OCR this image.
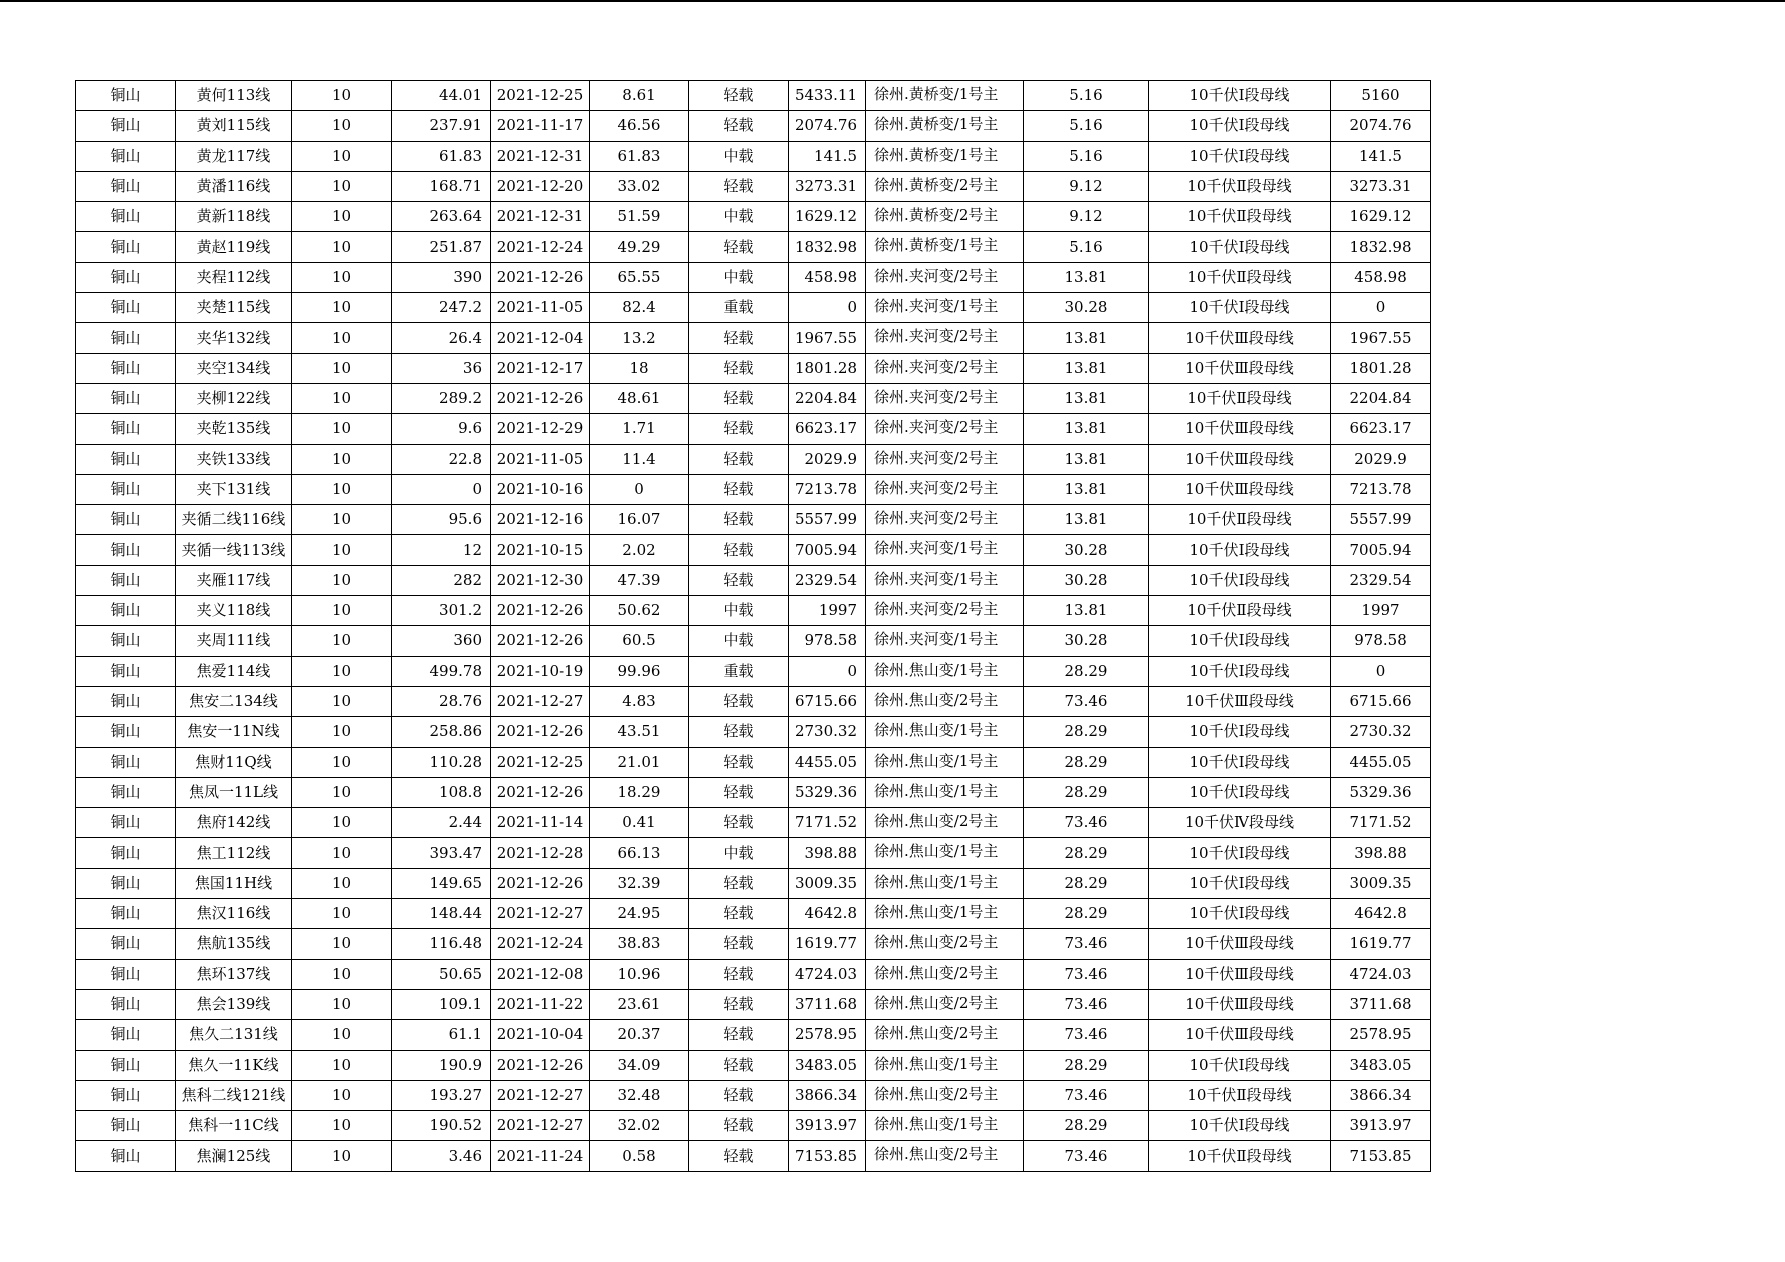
铜山	黄何113线	10	44.01	2021-12-25	8.61	轻载	5433.11	徐州.黄桥变/1号主	5.16	10千伏Ⅰ段母线	5160
铜山	黄刘115线	10	237.91	2021-11-17	46.56	轻载	2074.76	徐州.黄桥变/1号主	5.16	10千伏Ⅰ段母线	2074.76
铜山	黄龙117线	10	61.83	2021-12-31	61.83	中载	141.5	徐州.黄桥变/1号主	5.16	10千伏Ⅰ段母线	141.5
铜山	黄潘116线	10	168.71	2021-12-20	33.02	轻载	3273.31	徐州.黄桥变/2号主	9.12	10千伏Ⅱ段母线	3273.31
铜山	黄新118线	10	263.64	2021-12-31	51.59	中载	1629.12	徐州.黄桥变/2号主	9.12	10千伏Ⅱ段母线	1629.12
铜山	黄赵119线	10	251.87	2021-12-24	49.29	轻载	1832.98	徐州.黄桥变/1号主	5.16	10千伏Ⅰ段母线	1832.98
铜山	夹程112线	10	390	2021-12-26	65.55	中载	458.98	徐州.夹河变/2号主	13.81	10千伏Ⅱ段母线	458.98
铜山	夹楚115线	10	247.2	2021-11-05	82.4	重载	0	徐州.夹河变/1号主	30.28	10千伏Ⅰ段母线	0
铜山	夹华132线	10	26.4	2021-12-04	13.2	轻载	1967.55	徐州.夹河变/2号主	13.81	10千伏Ⅲ段母线	1967.55
铜山	夹空134线	10	36	2021-12-17	18	轻载	1801.28	徐州.夹河变/2号主	13.81	10千伏Ⅲ段母线	1801.28
铜山	夹柳122线	10	289.2	2021-12-26	48.61	轻载	2204.84	徐州.夹河变/2号主	13.81	10千伏Ⅱ段母线	2204.84
铜山	夹乾135线	10	9.6	2021-12-29	1.71	轻载	6623.17	徐州.夹河变/2号主	13.81	10千伏Ⅲ段母线	6623.17
铜山	夹铁133线	10	22.8	2021-11-05	11.4	轻载	2029.9	徐州.夹河变/2号主	13.81	10千伏Ⅲ段母线	2029.9
铜山	夹下131线	10	0	2021-10-16	0	轻载	7213.78	徐州.夹河变/2号主	13.81	10千伏Ⅲ段母线	7213.78
铜山	夹循二线116线	10	95.6	2021-12-16	16.07	轻载	5557.99	徐州.夹河变/2号主	13.81	10千伏Ⅱ段母线	5557.99
铜山	夹循一线113线	10	12	2021-10-15	2.02	轻载	7005.94	徐州.夹河变/1号主	30.28	10千伏Ⅰ段母线	7005.94
铜山	夹雁117线	10	282	2021-12-30	47.39	轻载	2329.54	徐州.夹河变/1号主	30.28	10千伏Ⅰ段母线	2329.54
铜山	夹义118线	10	301.2	2021-12-26	50.62	中载	1997	徐州.夹河变/2号主	13.81	10千伏Ⅱ段母线	1997
铜山	夹周111线	10	360	2021-12-26	60.5	中载	978.58	徐州.夹河变/1号主	30.28	10千伏Ⅰ段母线	978.58
铜山	焦爱114线	10	499.78	2021-10-19	99.96	重载	0	徐州.焦山变/1号主	28.29	10千伏Ⅰ段母线	0
铜山	焦安二134线	10	28.76	2021-12-27	4.83	轻载	6715.66	徐州.焦山变/2号主	73.46	10千伏Ⅲ段母线	6715.66
铜山	焦安一11N线	10	258.86	2021-12-26	43.51	轻载	2730.32	徐州.焦山变/1号主	28.29	10千伏Ⅰ段母线	2730.32
铜山	焦财11Q线	10	110.28	2021-12-25	21.01	轻载	4455.05	徐州.焦山变/1号主	28.29	10千伏Ⅰ段母线	4455.05
铜山	焦凤一11L线	10	108.8	2021-12-26	18.29	轻载	5329.36	徐州.焦山变/1号主	28.29	10千伏Ⅰ段母线	5329.36
铜山	焦府142线	10	2.44	2021-11-14	0.41	轻载	7171.52	徐州.焦山变/2号主	73.46	10千伏Ⅳ段母线	7171.52
铜山	焦工112线	10	393.47	2021-12-28	66.13	中载	398.88	徐州.焦山变/1号主	28.29	10千伏Ⅰ段母线	398.88
铜山	焦国11H线	10	149.65	2021-12-26	32.39	轻载	3009.35	徐州.焦山变/1号主	28.29	10千伏Ⅰ段母线	3009.35
铜山	焦汉116线	10	148.44	2021-12-27	24.95	轻载	4642.8	徐州.焦山变/1号主	28.29	10千伏Ⅰ段母线	4642.8
铜山	焦航135线	10	116.48	2021-12-24	38.83	轻载	1619.77	徐州.焦山变/2号主	73.46	10千伏Ⅲ段母线	1619.77
铜山	焦环137线	10	50.65	2021-12-08	10.96	轻载	4724.03	徐州.焦山变/2号主	73.46	10千伏Ⅲ段母线	4724.03
铜山	焦会139线	10	109.1	2021-11-22	23.61	轻载	3711.68	徐州.焦山变/2号主	73.46	10千伏Ⅲ段母线	3711.68
铜山	焦久二131线	10	61.1	2021-10-04	20.37	轻载	2578.95	徐州.焦山变/2号主	73.46	10千伏Ⅲ段母线	2578.95
铜山	焦久一11K线	10	190.9	2021-12-26	34.09	轻载	3483.05	徐州.焦山变/1号主	28.29	10千伏Ⅰ段母线	3483.05
铜山	焦科二线121线	10	193.27	2021-12-27	32.48	轻载	3866.34	徐州.焦山变/2号主	73.46	10千伏Ⅱ段母线	3866.34
铜山	焦科一11C线	10	190.52	2021-12-27	32.02	轻载	3913.97	徐州.焦山变/1号主	28.29	10千伏Ⅰ段母线	3913.97
铜山	焦澜125线	10	3.46	2021-11-24	0.58	轻载	7153.85	徐州.焦山变/2号主	73.46	10千伏Ⅱ段母线	7153.85
